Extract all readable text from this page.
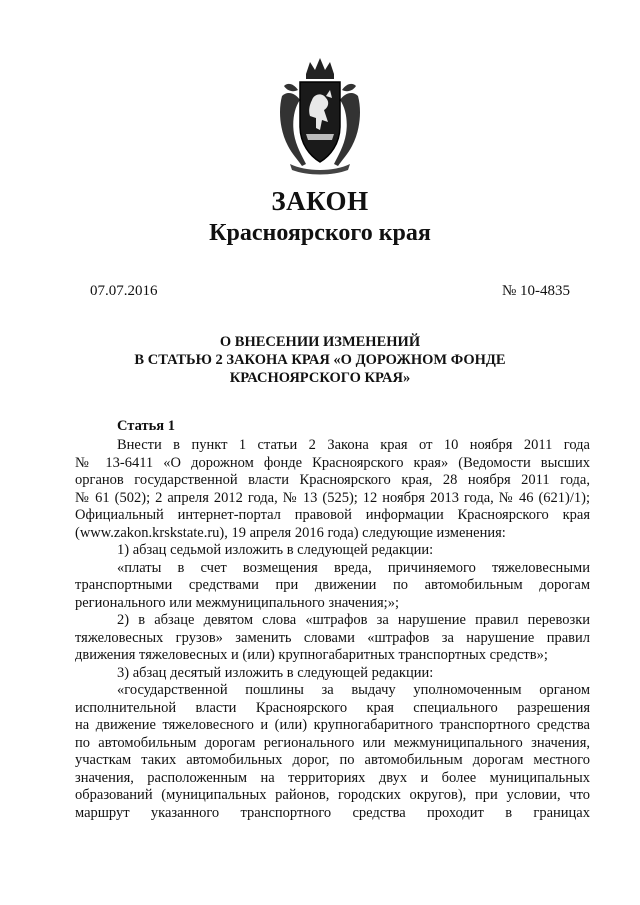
ЗАКОН
Красноярского края
07.07.2016	№ 10-4835
О ВНЕСЕНИИ ИЗМЕНЕНИЙ
В СТАТЬЮ 2 ЗАКОНА КРАЯ «О ДОРОЖНОМ ФОНДЕ
КРАСНОЯРСКОГО КРАЯ»
Статья 1

Внести в пункт 1 статьи 2 Закона края от 10 ноября 2011 года

№ 13-6411 «О дорожном фонде Красноярского края» (Ведомости высших

органов государственной власти Красноярского края, 28 ноября 2011 года,

№ 61 (502); 2 апреля 2012 года, № 13 (525); 12 ноября 2013 года, № 46 (621)/1);

Официальный интернет-портал правовой информации Красноярского края

(www.zakon.krskstate.ru), 19 апреля 2016 года) следующие изменения:

1) абзац седьмой изложить в следующей редакции:

«платы в счет возмещения вреда, причиняемого тяжеловесными

транспортными средствами при движении по автомобильным дорогам

регионального или межмуниципального значения;»;

2) в абзаце девятом слова «штрафов за нарушение правил перевозки

тяжеловесных грузов» заменить словами «штрафов за нарушение правил

движения тяжеловесных и (или) крупногабаритных транспортных средств»;

3) абзац десятый изложить в следующей редакции:

«государственной пошлины за выдачу уполномоченным органом

исполнительной власти Красноярского края специального разрешения

на движение тяжеловесного и (или) крупногабаритного транспортного средства

по автомобильным дорогам регионального или межмуниципального значения,

участкам таких автомобильных дорог, по автомобильным дорогам местного

значения, расположенным на территориях двух и более муниципальных

образований (муниципальных районов, городских округов), при условии, что

маршрут указанного транспортного средства проходит в границах
